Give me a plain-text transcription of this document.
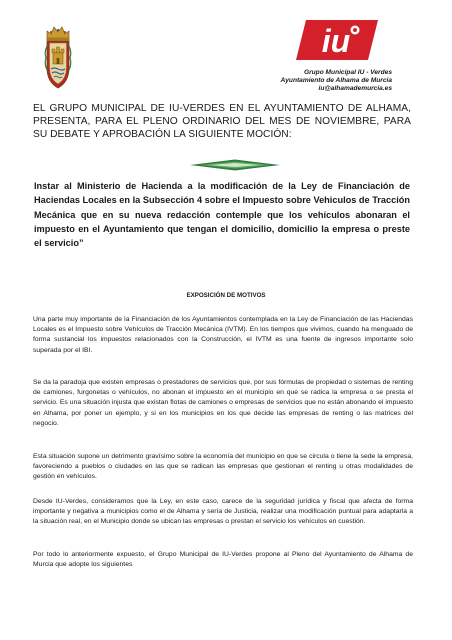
iu
Grupo Municipal IU - Verdes
Ayuntamiento de Alhama de Murcia
iu@alhamademurcia.es
EL GRUPO MUNICIPAL DE IU-VERDES EN EL AYUNTAMIENTO DE ALHAMA, PRESENTA, PARA EL PLENO ORDINARIO DEL MES DE NOVIEMBRE, PARA SU DEBATE Y APROBACIÓN LA SIGUIENTE MOCIÓN:
Instar al Ministerio de Hacienda a la modificación de la Ley de Financiación de Haciendas Locales en la Subsección 4 sobre el Impuesto sobre Vehiculos de Tracción Mecánica que en su nueva redacción contemple que los vehículos abonaran el impuesto en el Ayuntamiento que tengan el domicilio, domicilio la empresa o preste el servicio”
EXPOSICIÓN DE MOTIVOS
Una parte muy importante de la Financiación de los Ayuntamientos contemplada en la Ley de Financiación de las Haciendas Locales es el Impuesto sobre Vehículos de Tracción Mecánica (IVTM). En los tiempos que vivimos, cuando ha menguado de forma sustancial los impuestos relacionados con la Construcción, el IVTM es una fuente de ingresos importante solo superada por el IBI.
Se da la paradoja que existen empresas o prestadores de servicios que, por sus fórmulas de propiedad o sistemas de renting de camiones, furgonetas o vehículos, no abonan el impuesto en el municipio en que se radica la empresa o se presta el servicio. Es una situación injusta que existan flotas de camiones o empresas de servicios que no están abonando el impuesto en Alhama, por poner un ejemplo, y si en los municipios en los que decide las empresas de renting o las matrices del negocio.
Esta situación supone un detrimento gravísimo sobre la economía del municipio en que se circula o tiene la sede la empresa, favoreciendo a pueblos o ciudades en las que se radican las empresas que gestionan el renting u otras modalidades de gestión en vehículos.
Desde IU-Verdes, consideramos que la Ley, en este caso, carece de la seguridad jurídica y fiscal que afecta de forma importante y negativa a municipios como el de Alhama y sería de Justicia, realizar una modificación puntual para adaptarla a la situación real, en el Municipio donde se ubican las empresas o prestan el servicio los vehículos en cuestión.
Por todo lo anteriormente expuesto, el Grupo Municipal de IU-Verdes propone al Pleno del Ayuntamiento de Alhama de Murcia que adopte los siguientes
